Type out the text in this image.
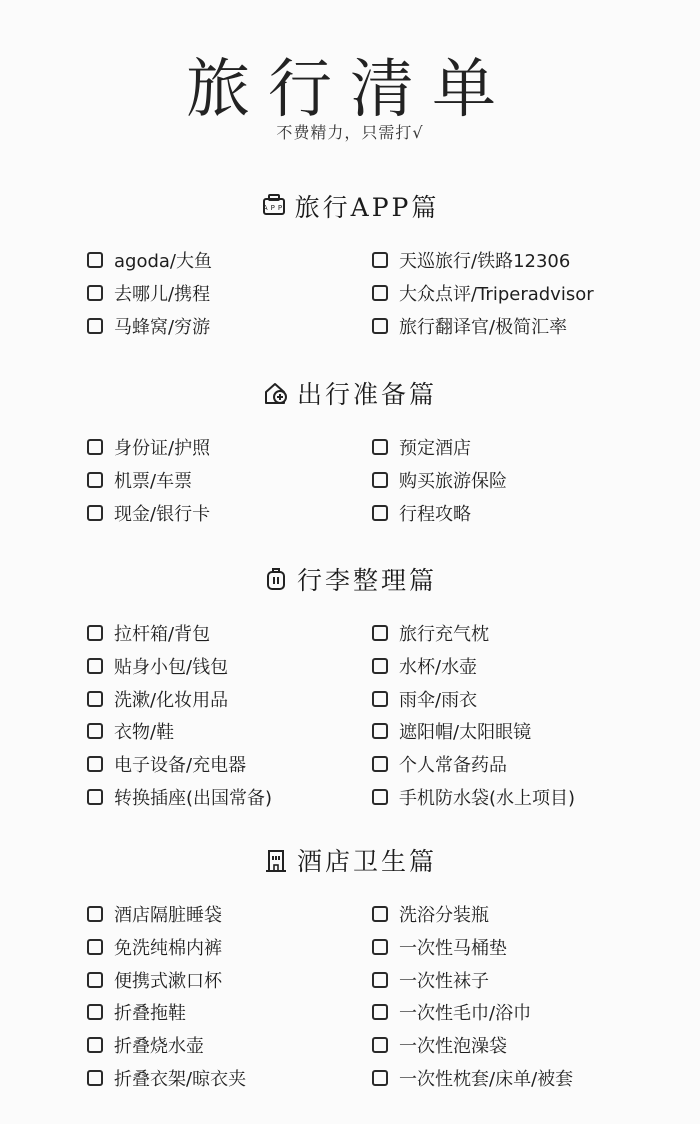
旅行清单
不费精力，只需打√
APP 旅行APP篇
agoda/大鱼
去哪儿/携程
马蜂窝/穷游
天巡旅行/铁路12306
大众点评/Triperadvisor
旅行翻译官/极简汇率
出行准备篇
身份证/护照
机票/车票
现金/银行卡
预定酒店
购买旅游保险
行程攻略
行李整理篇
拉杆箱/背包
贴身小包/钱包
洗漱/化妆用品
衣物/鞋
电子设备/充电器
转换插座(出国常备)
旅行充气枕
水杯/水壶
雨伞/雨衣
遮阳帽/太阳眼镜
个人常备药品
手机防水袋(水上项目)
酒店卫生篇
酒店隔脏睡袋
免洗纯棉内裤
便携式漱口杯
折叠拖鞋
折叠烧水壶
折叠衣架/晾衣夹
洗浴分装瓶
一次性马桶垫
一次性袜子
一次性毛巾/浴巾
一次性泡澡袋
一次性枕套/床单/被套
